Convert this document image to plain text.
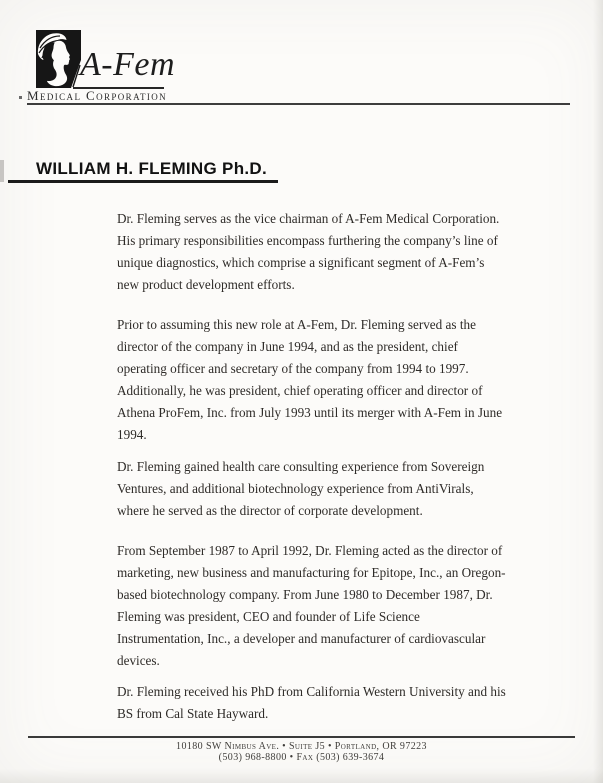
A-Fem
Medical Corporation
WILLIAM H. FLEMING Ph.D.

Dr. Fleming serves as the vice chairman of A-Fem Medical Corporation.
His primary responsibilities encompass furthering the company’s line of
unique diagnostics, which comprise a significant segment of A-Fem’s
new product development efforts.

Prior to assuming this new role at A-Fem, Dr. Fleming served as the
director of the company in June 1994, and as the president, chief
operating officer and secretary of the company from 1994 to 1997.
Additionally, he was president, chief operating officer and director of
Athena ProFem, Inc. from July 1993 until its merger with A-Fem in June
1994.

Dr. Fleming gained health care consulting experience from Sovereign
Ventures, and additional biotechnology experience from AntiVirals,
where he served as the director of corporate development.

From September 1987 to April 1992, Dr. Fleming acted as the director of
marketing, new business and manufacturing for Epitope, Inc., an Oregon-
based biotechnology company. From June 1980 to December 1987, Dr.
Fleming was president, CEO and founder of Life Science
Instrumentation, Inc., a developer and manufacturer of cardiovascular
devices.

Dr. Fleming received his PhD from California Western University and his
BS from Cal State Hayward.

10180 SW Nimbus Ave. • Suite J5 • Portland, OR 97223
(503) 968-8800 • Fax (503) 639-3674
